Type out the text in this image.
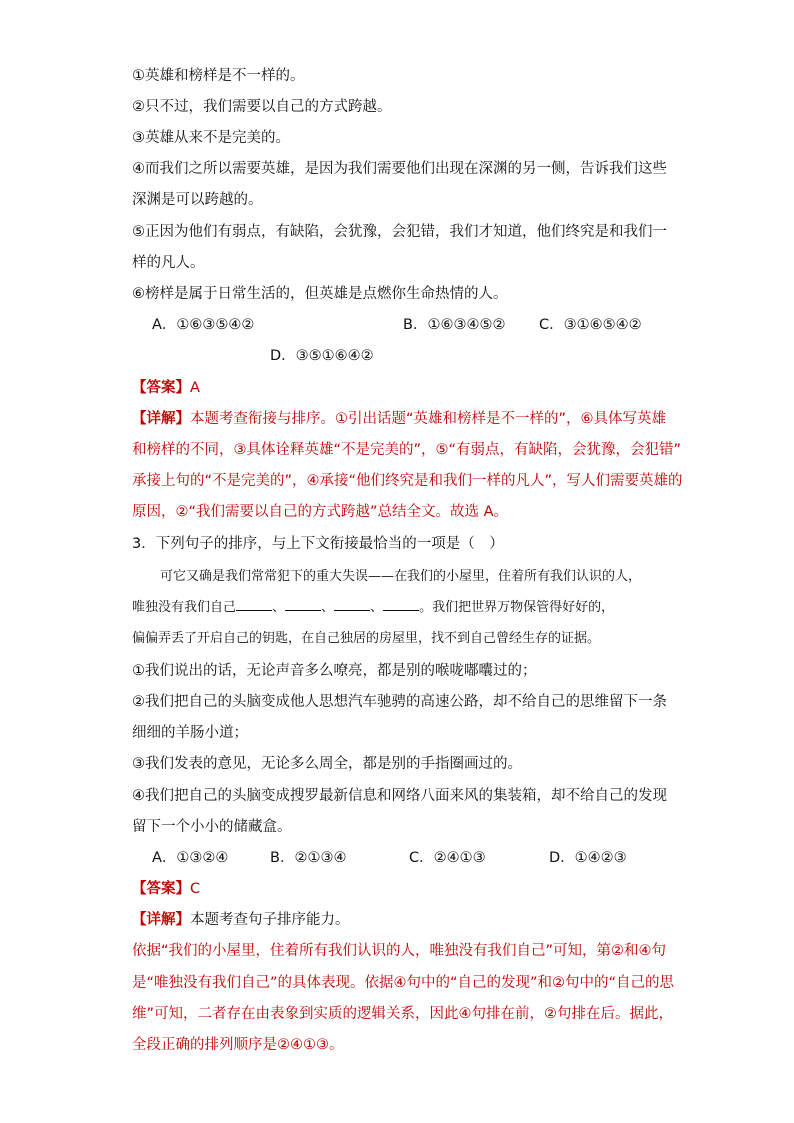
①英雄和榜样是不一样的。
②只不过，我们需要以自己的方式跨越。
③英雄从来不是完美的。
④而我们之所以需要英雄，是因为我们需要他们出现在深渊的另一侧，告诉我们这些
深渊是可以跨越的。
⑤正因为他们有弱点，有缺陷，会犹豫，会犯错，我们才知道，他们终究是和我们一
样的凡人。
⑥榜样是属于日常生活的，但英雄是点燃你生命热情的人。
A．①⑥③⑤④②	B．①⑥③④⑤② C．③①⑥⑤④②
D．③⑤①⑥④②
【答案】A
【详解】本题考查衔接与排序。①引出话题“英雄和榜样是不一样的”，⑥具体写英雄
和榜样的不同，③具体诠释英雄“不是完美的”，⑤“有弱点，有缺陷，会犹豫，会犯错”
承接上句的“不是完美的”，④承接“他们终究是和我们一样的凡人”，写人们需要英雄的
原因，②“我们需要以自己的方式跨越”总结全文。故选 A。
3．下列句子的排序，与上下文衔接最恰当的一项是（　）
可它又确是我们常常犯下的重大失误——在我们的小屋里，住着所有我们认识的人，
唯独没有我们自己	、	、	、	。我们把世界万物保管得好好的，
偏偏弄丢了开启自己的钥匙，在自己独居的房屋里，找不到自己曾经生存的证据。
①我们说出的话，无论声音多么嘹亮，都是别的喉咙嘟囔过的；
②我们把自己的头脑变成他人思想汽车驰骋的高速公路，却不给自己的思维留下一条
细细的羊肠小道；
③我们发表的意见，无论多么周全，都是别的手指圈画过的。
④我们把自己的头脑变成搜罗最新信息和网络八面来风的集装箱，却不给自己的发现
留下一个小小的储藏盒。
A．①③②④	B．②①③④	C．②④①③	D．①④②③
【答案】C
【详解】本题考查句子排序能力。
依据“我们的小屋里，住着所有我们认识的人，唯独没有我们自己”可知，第②和④句
是“唯独没有我们自己”的具体表现。依据④句中的“自己的发现”和②句中的“自己的思
维”可知，二者存在由表象到实质的逻辑关系，因此④句排在前，②句排在后。据此，
全段正确的排列顺序是②④①③。
